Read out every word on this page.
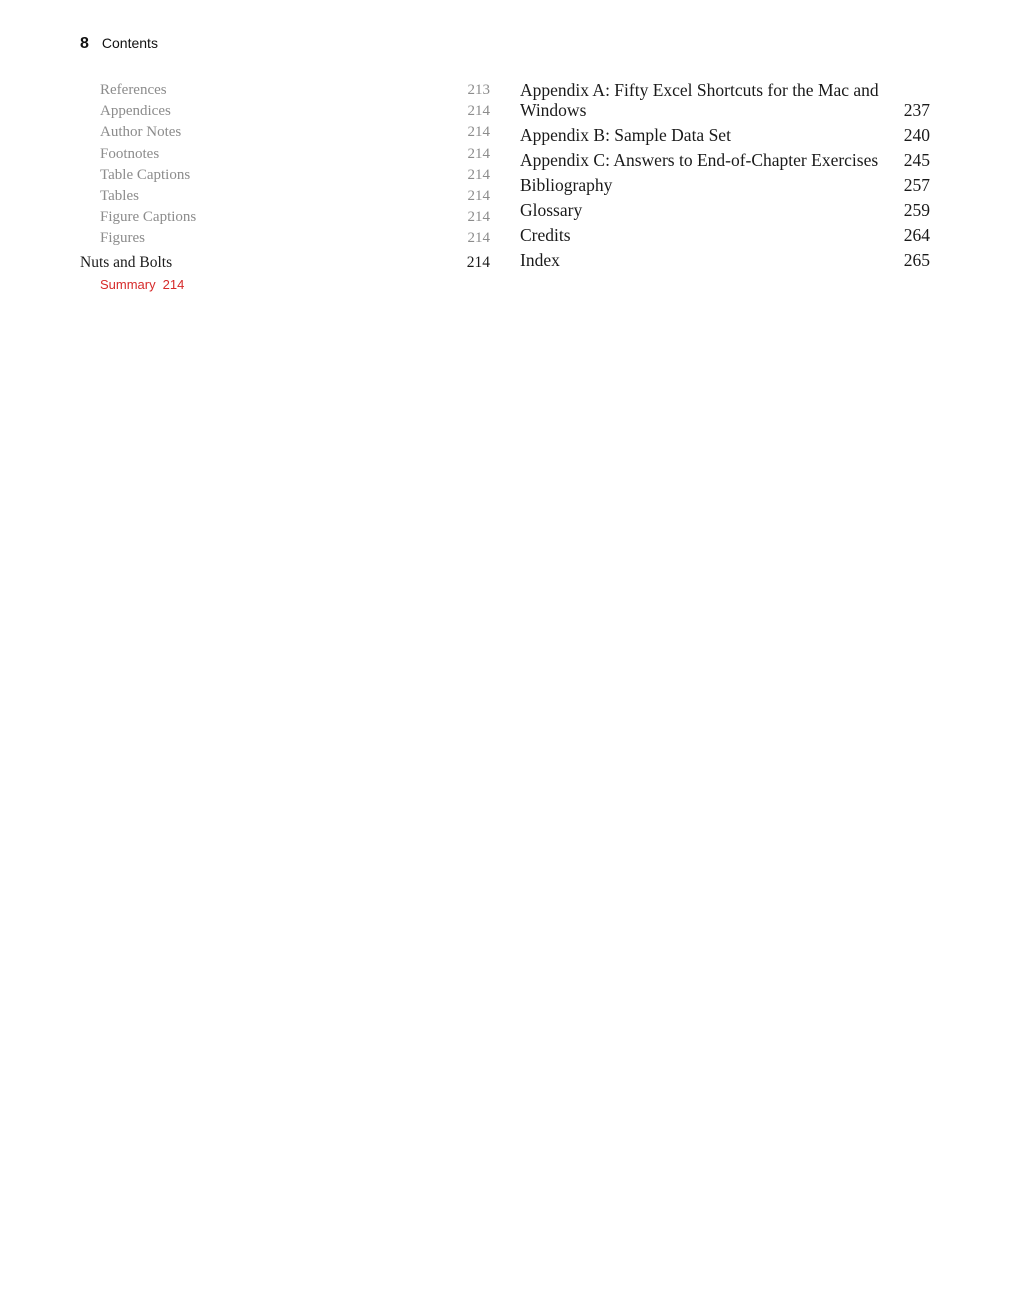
8 Contents
References	213
Appendices	214
Author Notes	214
Footnotes	214
Table Captions	214
Tables	214
Figure Captions	214
Figures	214
Nuts and Bolts	214
Summary 214
Appendix A: Fifty Excel Shortcuts for the Mac and Windows	237
Appendix B: Sample Data Set	240
Appendix C: Answers to End-of-Chapter Exercises 245
Bibliography	257
Glossary	259
Credits	264
Index	265
